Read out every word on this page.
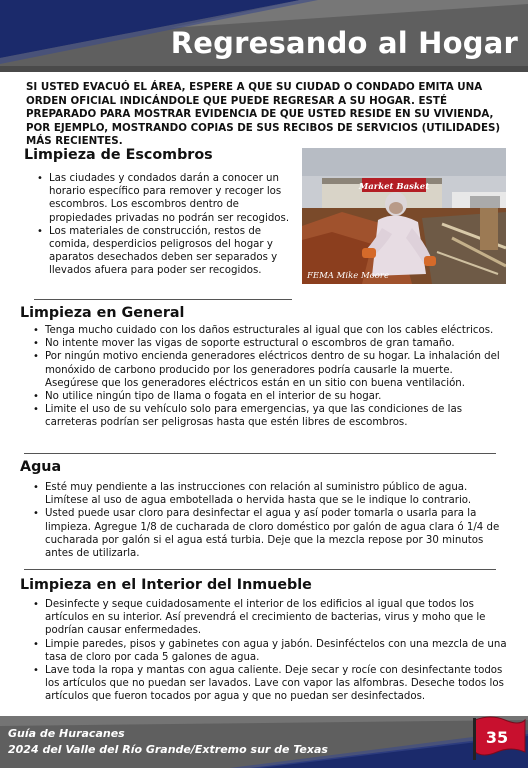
Regresando al Hogar
SI USTED EVACUÓ EL ÁREA, ESPERE A QUE SU CIUDAD O CONDADO EMITA UNA ORDEN OFICIAL INDICÁNDOLE QUE PUEDE REGRESAR A SU HOGAR. ESTÉ PREPARADO PARA MOSTRAR EVIDENCIA DE QUE USTED RESIDE EN SU VIVIENDA, POR EJEMPLO, MOSTRANDO COPIAS DE SUS RECIBOS DE SERVICIOS (UTILIDADES) MÁS RECIENTES.
Limpieza de Escombros
• Las ciudades y condados darán a conocer un horario específico para remover y recoger los escombros. Los escombros dentro de propiedades privadas no podrán ser recogidos.
• Los materiales de construcción, restos de comida, desperdicios peligrosos del hogar y aparatos desechados deben ser separados y llevados afuera para poder ser recogidos.
Market Basket
FEMA Mike Moore
Limpieza en General
• Tenga mucho cuidado con los daños estructurales al igual que con los cables eléctricos.
• No intente mover las vigas de soporte estructural o escombros de gran tamaño.
• Por ningún motivo encienda generadores eléctricos dentro de su hogar. La inhalación del monóxido de carbono producido por los generadores podría causarle la muerte. Asegúrese que los generadores eléctricos están en un sitio con buena ventilación.
• No utilice ningún tipo de llama o fogata en el interior de su hogar.
• Limite el uso de su vehículo solo para emergencias, ya que las condiciones de las carreteras podrían ser peligrosas hasta que estén libres de escombros.
Agua
• Esté muy pendiente a las instrucciones con relación al suministro público de agua. Limítese al uso de agua embotellada o hervida hasta que se le indique lo contrario.
• Usted puede usar cloro para desinfectar el agua y así poder tomarla o usarla para la limpieza. Agregue 1/8 de cucharada de cloro doméstico por galón de agua clara ó 1/4 de cucharada por galón si el agua está turbia. Deje que la mezcla repose por 30 minutos antes de utilizarla.
Limpieza en el Interior del Inmueble
• Desinfecte y seque cuidadosamente el interior de los edificios al igual que todos los artículos en su interior. Así prevendrá el crecimiento de bacterias, virus y moho que le podrían causar enfermedades.
• Limpie paredes, pisos y gabinetes con agua y jabón. Desinféctelos con una mezcla de una tasa de cloro por cada 5 galones de agua.
• Lave toda la ropa y mantas con agua caliente. Deje secar y rocíe con desinfectante todos los artículos que no puedan ser lavados. Lave con vapor las alfombras. Deseche todos los artículos que fueron tocados por agua y que no puedan ser desinfectados.
Guía de Huracanes
2024 del Valle del Río Grande/Extremo sur de Texas
35
